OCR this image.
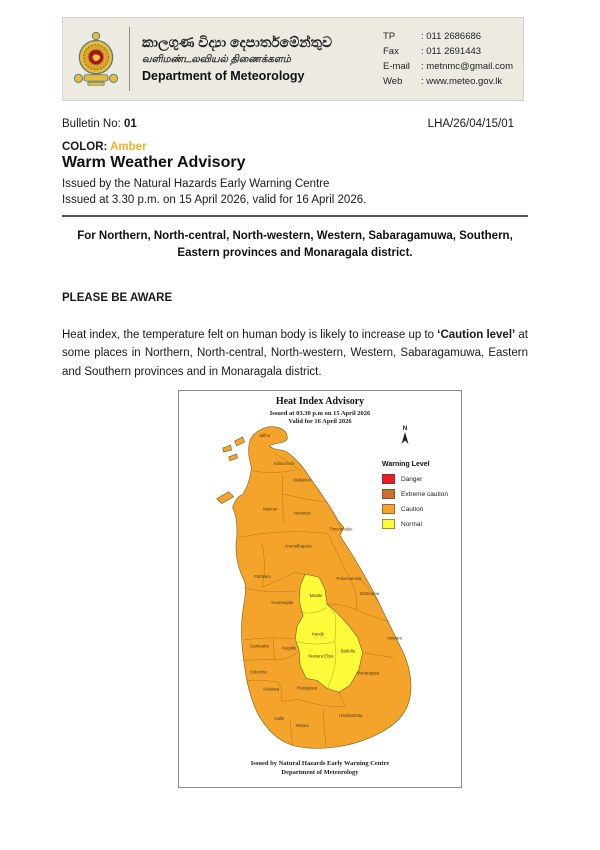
කාලගුණ විද්‍යා දෙපාර්තමේන්තුව
வளிமண்டலவியல் திணைக்களம்
Department of Meteorology
TP	: 011 2686686
Fax	: 011 2691443
E-mail	: metnmc@gmail.com
Web	: www.meteo.gov.lk
Bulletin No: 01	LHA/26/04/15/01
COLOR: Amber
Warm Weather Advisory
Issued by the Natural Hazards Early Warning Centre
Issued at 3.30 p.m. on 15 April 2026, valid for 16 April 2026.
For Northern, North-central, North-western, Western, Sabaragamuwa, Southern,
Eastern provinces and Monaragala district.
PLEASE BE AWARE

Heat index, the temperature felt on human body is likely to increase up to ‘Caution level’ at some places in Northern, North-central, North-western, Western, Sabaragamuwa, Eastern and Southern provinces and in Monaragala district.

Jaffna
Kilinochchi
Mullaitivu
Mannar
Vavuniya
Trincomalee
Anuradhapura
Puttalam	Polonnaruwa
Batticaloa
Kurunegala
Matale
Ampara
Kandy
Gampaha	Kegalle
Nuwara Eliya
Badulla
Colombo	Monaragala
Kalutara	Ratnapura
Hambantota
Galle
Matara
Heat Index Advisory
Issued at 03.30 p.m on 15 April 2026
Valid for 16 April 2026
N
Warning Level
Danger
Extreme caution
Caution
Normal
Issued by Natural Hazards Early Warning Centre
Department of Meteorology
